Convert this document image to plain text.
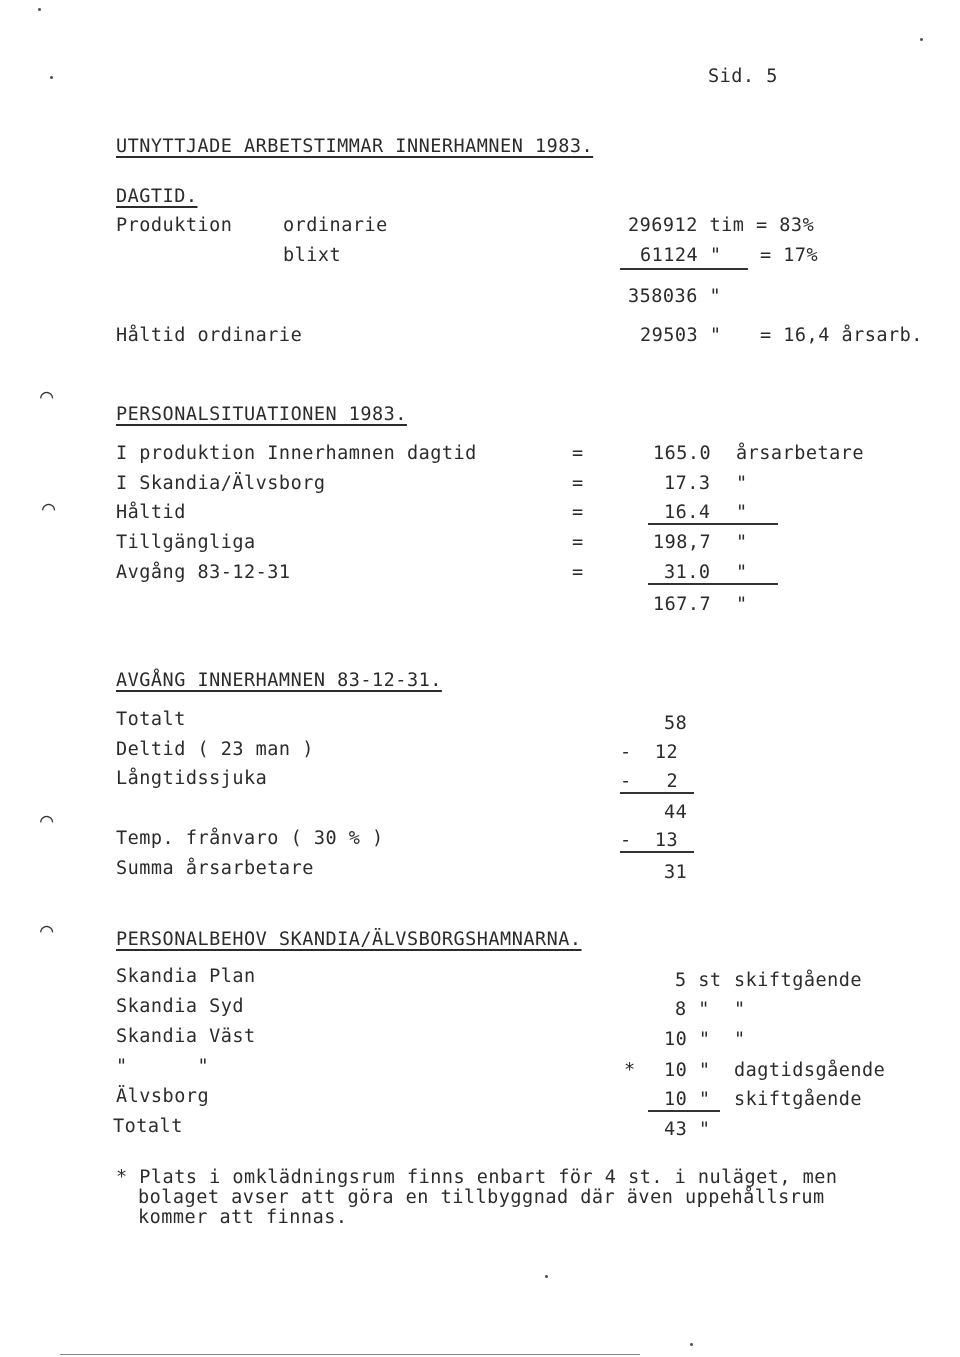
⌒
⌒
⌒
⌒
Sid. 5
UTNYTTJADE ARBETSTIMMAR INNERHAMNEN 1983.
DAGTID.
Produktion	ordinarie	296912 tim = 83%
blixt	61124 " = 17%
358036 "
Håltid ordinarie	29503 " = 16,4 årsarb.
PERSONALSITUATIONEN 1983.
I produktion Innerhamnen dagtid	=	165.0 årsarbetare
I Skandia/Älvsborg	=	17.3 "
Håltid	=	16.4 "
Tillgängliga	=	198,7 "
Avgång 83-12-31	=	31.0 "
167.7 "
AVGÅNG INNERHAMNEN 83-12-31.
Totalt	58
Deltid ( 23 man )	-  12
Långtidssjuka	-   2
44
Temp. frånvaro ( 30 % )	-  13
Summa årsarbetare	31
PERSONALBEHOV SKANDIA/ÄLVSBORGSHAMNARNA.
Skandia Plan	5 st skiftgående
Skandia Syd	8 " "
Skandia Väst	10 " "
"      "	* 10 " dagtidsgående
Älvsborg	10 " skiftgående
Totalt	43 "
* Plats i omklädningsrum finns enbart för 4 st. i nuläget, men
bolaget avser att göra en tillbyggnad där även uppehållsrum
kommer att finnas.
